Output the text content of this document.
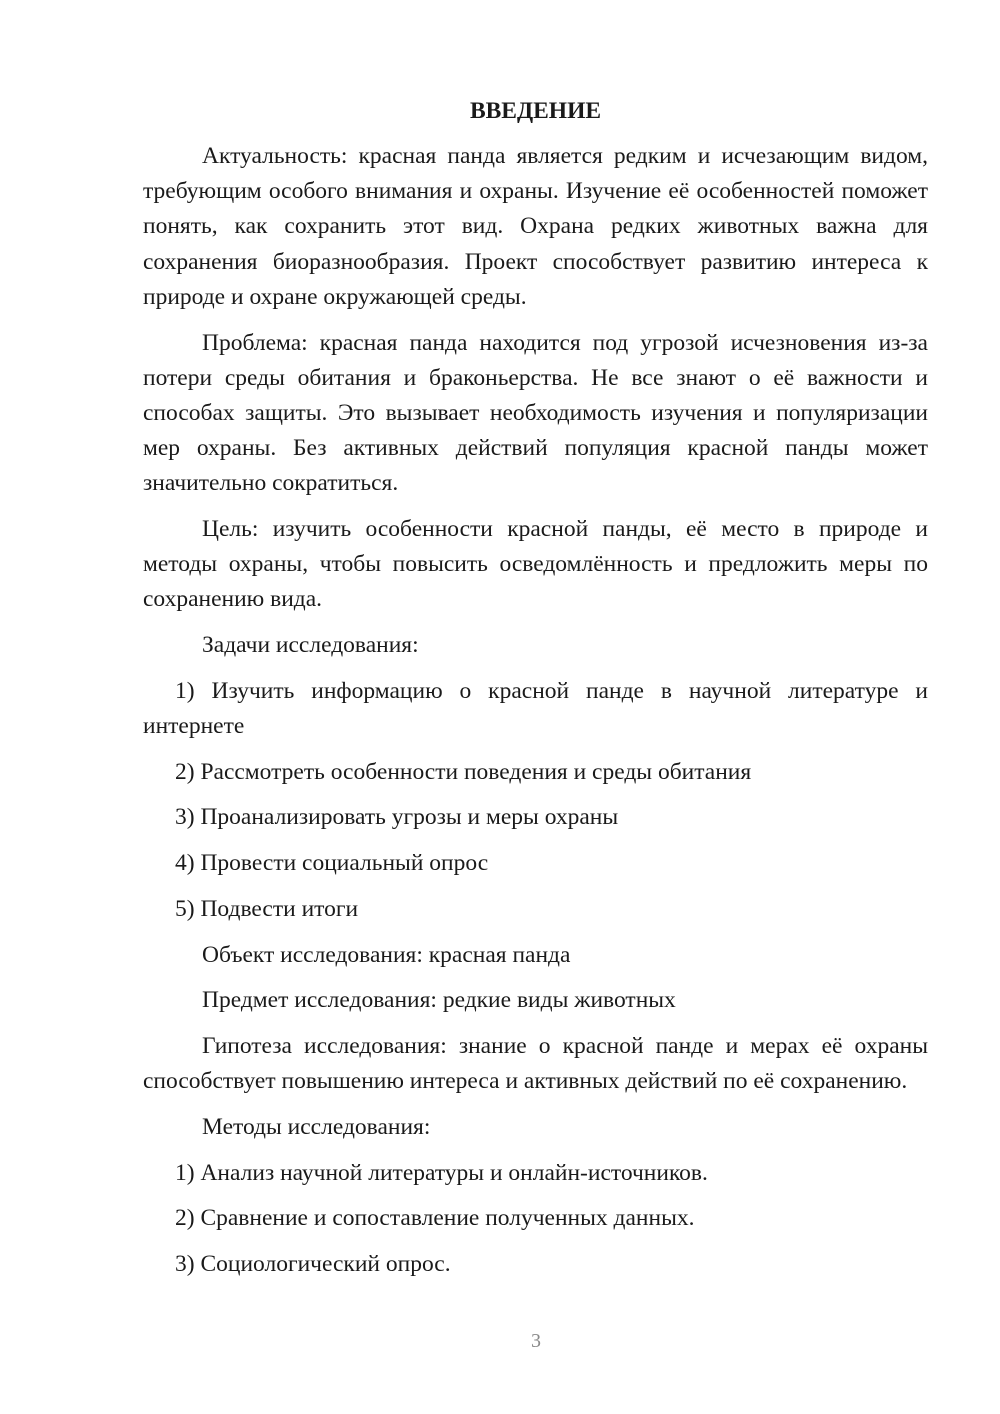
ВВЕДЕНИЕ

Актуальность: красная панда является редким и исчезающим видом, требующим особого внимания и охраны. Изучение её особенностей поможет понять, как сохранить этот вид. Охрана редких животных важна для сохранения биоразнообразия. Проект способствует развитию интереса к природе и охране окружающей среды.

Проблема: красная панда находится под угрозой исчезновения из-за потери среды обитания и браконьерства. Не все знают о её важности и способах защиты. Это вызывает необходимость изучения и популяризации мер охраны. Без активных действий популяция красной панды может значительно сократиться.

Цель: изучить особенности красной панды, её место в природе и методы охраны, чтобы повысить осведомлённость и предложить меры по сохранению вида.

Задачи исследования:

1) Изучить информацию о красной панде в научной литературе и интернете

2) Рассмотреть особенности поведения и среды обитания

3) Проанализировать угрозы и меры охраны

4) Провести социальный опрос

5) Подвести итоги

Объект исследования: красная панда

Предмет исследования: редкие виды животных

Гипотеза исследования: знание о красной панде и мерах её охраны способствует повышению интереса и активных действий по её сохранению.

Методы исследования:

1) Анализ научной литературы и онлайн-источников.

2) Сравнение и сопоставление полученных данных.

3) Социологический опрос.

3
